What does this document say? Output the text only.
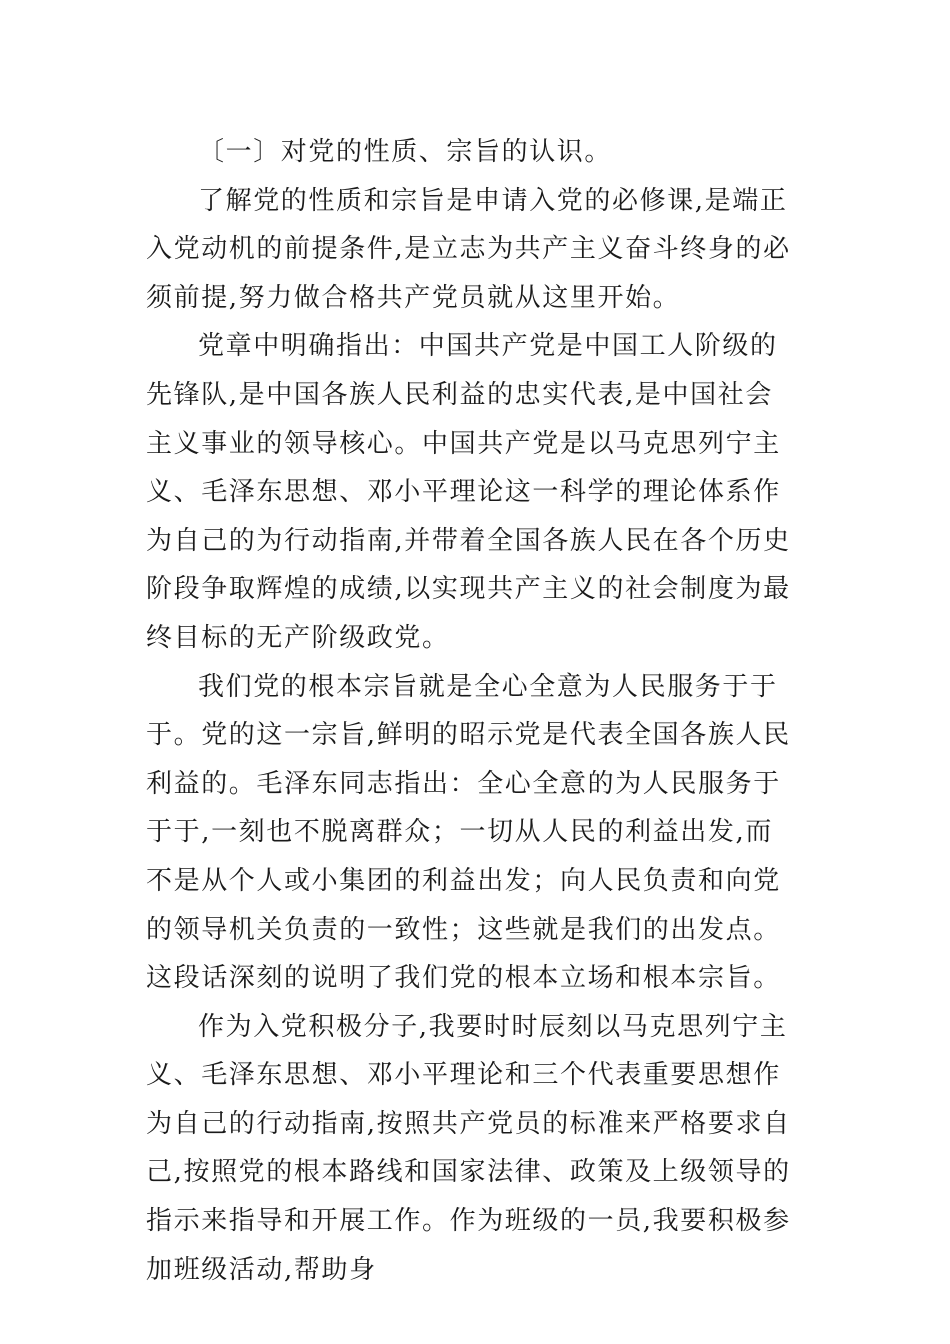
〔一〕对党的性质、宗旨的认识。

了解党的性质和宗旨是申请入党的必修课,是端正入党动机的前提条件,是立志为共产主义奋斗终身的必须前提,努力做合格共产党员就从这里开始。

党章中明确指出：中国共产党是中国工人阶级的先锋队,是中国各族人民利益的忠实代表,是中国社会主义事业的领导核心。中国共产党是以马克思列宁主义、毛泽东思想、邓小平理论这一科学的理论体系作为自己的为行动指南,并带着全国各族人民在各个历史阶段争取辉煌的成绩,以实现共产主义的社会制度为最终目标的无产阶级政党。

我们党的根本宗旨就是全心全意为人民服务于于于。党的这一宗旨,鲜明的昭示党是代表全国各族人民利益的。毛泽东同志指出：全心全意的为人民服务于于于,一刻也不脱离群众；一切从人民的利益出发,而不是从个人或小集团的利益出发；向人民负责和向党的领导机关负责的一致性；这些就是我们的出发点。这段话深刻的说明了我们党的根本立场和根本宗旨。

作为入党积极分子,我要时时辰刻以马克思列宁主义、毛泽东思想、邓小平理论和三个代表重要思想作为自己的行动指南,按照共产党员的标准来严格要求自己,按照党的根本路线和国家法律、政策及上级领导的指示来指导和开展工作。作为班级的一员,我要积极参加班级活动,帮助身
